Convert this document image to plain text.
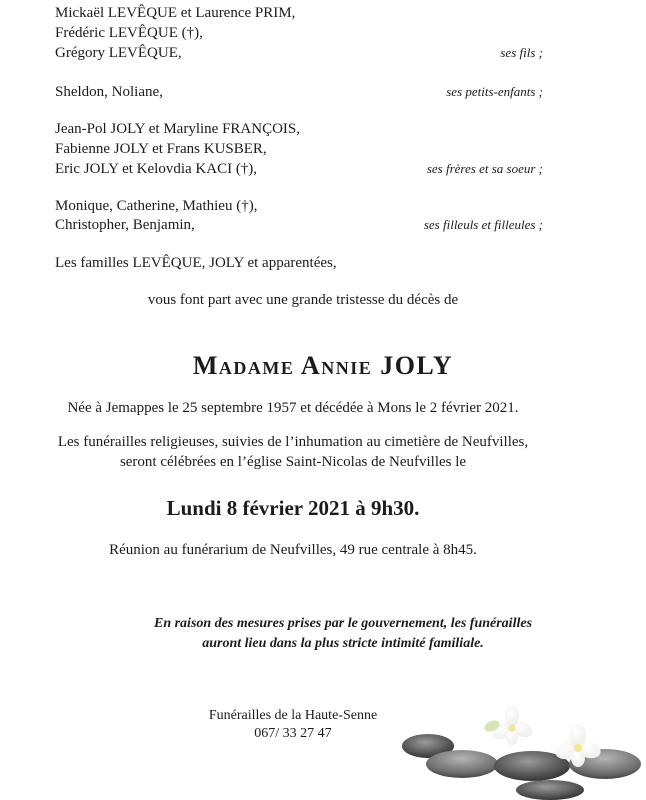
Mickaël LEVÊQUE et Laurence PRIM,
Frédéric LEVÊQUE (†),
Grégory LEVÊQUE,	ses fils ;
Sheldon, Noliane,	ses petits-enfants ;
Jean-Pol JOLY et Maryline FRANÇOIS,
Fabienne JOLY et Frans KUSBER,
Eric JOLY et Kelovdia KACI (†),	ses frères et sa soeur ;
Monique, Catherine, Mathieu (†),
Christopher, Benjamin,	ses filleuls et filleules ;
Les familles LEVÊQUE, JOLY et apparentées,
vous font part avec une grande tristesse du décès de
Madame Annie JOLY
Née à Jemappes le 25 septembre 1957 et décédée à Mons le 2 février 2021.
Les funérailles religieuses, suivies de l’inhumation au cimetière de Neufvilles,
seront célébrées en l’église Saint-Nicolas de Neufvilles le
Lundi 8 février 2021 à 9h30.
Réunion au funérarium de Neufvilles, 49 rue centrale à 8h45.
En raison des mesures prises par le gouvernement, les funérailles
auront lieu dans la plus stricte intimité familiale.
Funérailles de la Haute-Senne
067/ 33 27 47
